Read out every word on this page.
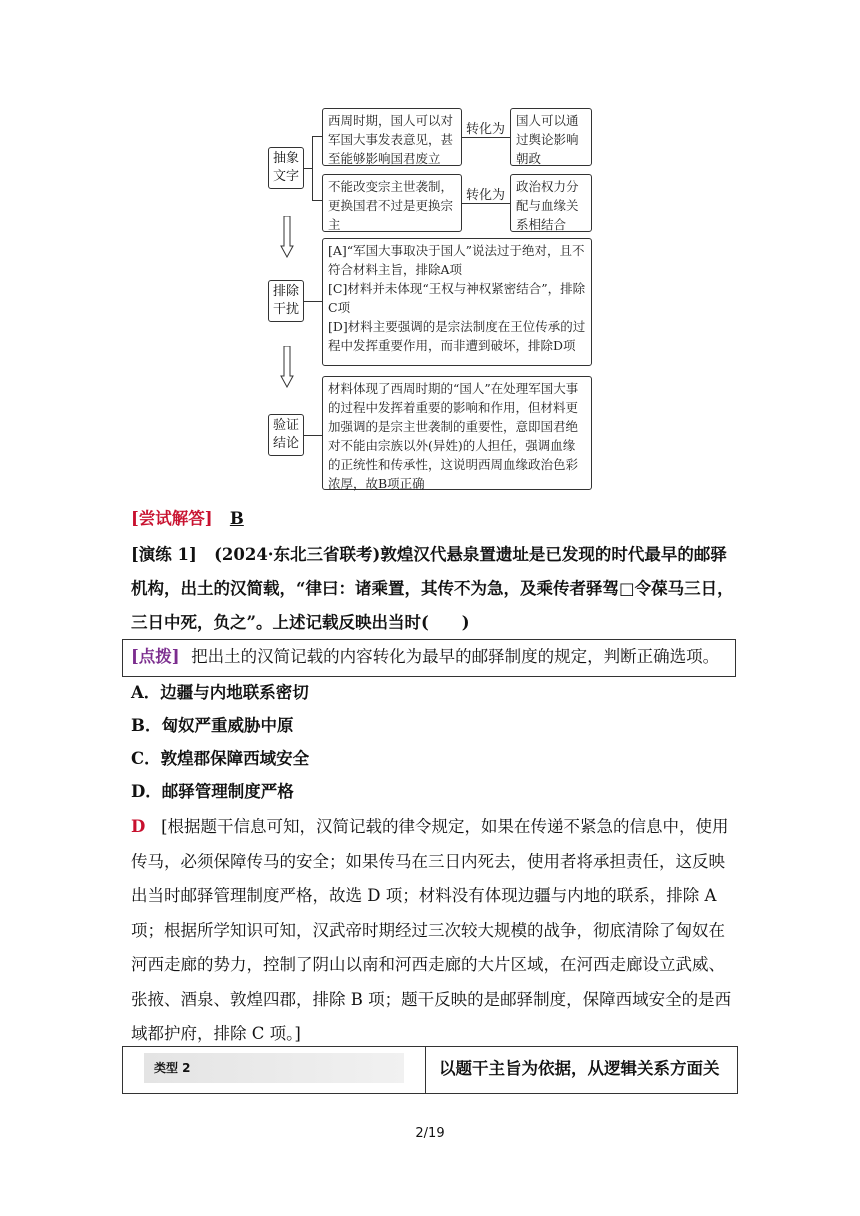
抽象文字
排除干扰
验证结论
西周时期，国人可以对军国大事发表意见，甚至能够影响国君废立
转化为
国人可以通过舆论影响朝政
不能改变宗主世袭制，更换国君不过是更换宗主
转化为
政治权力分配与血缘关系相结合
[A]“军国大事取决于国人”说法过于绝对，且不符合材料主旨，排除A项
[C]材料并未体现“王权与神权紧密结合”，排除C项
[D]材料主要强调的是宗法制度在王位传承的过程中发挥重要作用，而非遭到破坏，排除D项
材料体现了西周时期的“国人”在处理军国大事的过程中发挥着重要的影响和作用，但材料更加强调的是宗主世袭制的重要性，意即国君绝对不能由宗族以外(异姓)的人担任，强调血缘的正统性和传承性，这说明西周血缘政治色彩浓厚，故B项正确
[尝试解答] B
[演练 1] (2024·东北三省联考)敦煌汉代悬泉置遗址是已发现的时代最早的邮驿机构，出土的汉简载，“律曰：诸乘置，其传不为急，及乘传者驿驾□令葆马三日，三日中死，负之”。上述记载反映出当时(　　)
[点拨] 把出土的汉简记载的内容转化为最早的邮驿制度的规定，判断正确选项。
A．边疆与内地联系密切
B．匈奴严重威胁中原
C．敦煌郡保障西域安全
D．邮驿管理制度严格
D [根据题干信息可知，汉简记载的律令规定，如果在传递不紧急的信息中，使用传马，必须保障传马的安全；如果传马在三日内死去，使用者将承担责任，这反映出当时邮驿管理制度严格，故选 D 项；材料没有体现边疆与内地的联系，排除 A 项；根据所学知识可知，汉武帝时期经过三次较大规模的战争，彻底清除了匈奴在河西走廊的势力，控制了阴山以南和河西走廊的大片区域，在河西走廊设立武威、张掖、酒泉、敦煌四郡，排除 B 项；题干反映的是邮驿制度，保障西域安全的是西域都护府，排除 C 项。]
类型 2	以题干主旨为依据，从逻辑关系方面关
2/19
